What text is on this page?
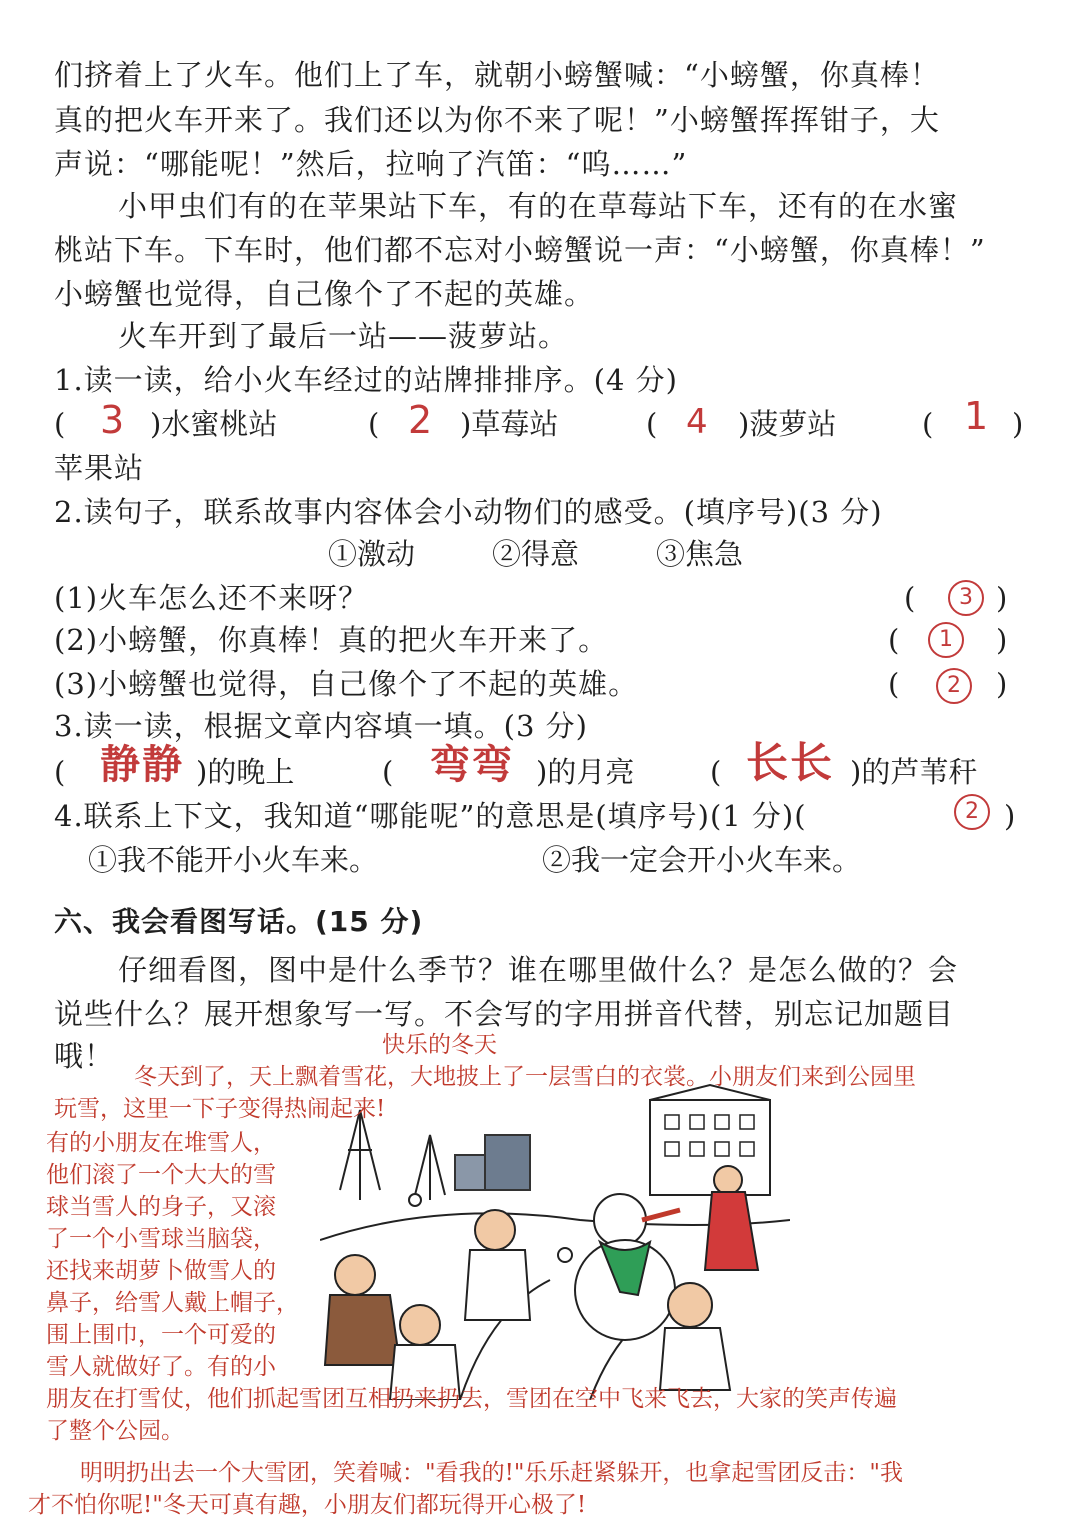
们挤着上了火车。他们上了车，就朝小螃蟹喊：“小螃蟹，你真棒！
真的把火车开来了。我们还以为你不来了呢！”小螃蟹挥挥钳子，大
声说：“哪能呢！”然后，拉响了汽笛：“呜……”
小甲虫们有的在苹果站下车，有的在草莓站下车，还有的在水蜜
桃站下车。下车时，他们都不忘对小螃蟹说一声：“小螃蟹，你真棒！”
小螃蟹也觉得，自己像个了不起的英雄。
火车开到了最后一站——菠萝站。
1.读一读，给小火车经过的站牌排排序。(4 分)
( 3 )水蜜桃站	( 2 )草莓站	( 4 )菠萝站	( 1 )
苹果站
2.读句子，联系故事内容体会小动物们的感受。(填序号)(3 分)
①激动	②得意	③焦急
(1)火车怎么还不来呀？	(	3 )
(2)小螃蟹，你真棒！真的把火车开来了。	(	1	)
(3)小螃蟹也觉得，自己像个了不起的英雄。	(	2	)
3.读一读，根据文章内容填一填。(3 分)
( 静静 )的晚上	( 弯弯 )的月亮	( 长长 )的芦苇秆
4.联系上下文，我知道“哪能呢”的意思是(填序号)(1 分)(	2 )
①我不能开小火车来。	②我一定会开小火车来。
六、我会看图写话。(15 分)
仔细看图，图中是什么季节？谁在哪里做什么？是怎么做的？会
说些什么？展开想象写一写。不会写的字用拼音代替，别忘记加题目
哦！	快乐的冬天
冬天到了，天上飘着雪花，大地披上了一层雪白的衣裳。小朋友们来到公园里
玩雪，这里一下子变得热闹起来!
有的小朋友在堆雪人，
他们滚了一个大大的雪
球当雪人的身子，又滚
了一个小雪球当脑袋，
还找来胡萝卜做雪人的
鼻子，给雪人戴上帽子，
围上围巾，一个可爱的
雪人就做好了。有的小
朋友在打雪仗，他们抓起雪团互相扔来扔去，雪团在空中飞来飞去，大家的笑声传遍
了整个公园。
明明扔出去一个大雪团，笑着喊："看我的!"乐乐赶紧躲开，也拿起雪团反击："我
才不怕你呢!"冬天可真有趣，小朋友们都玩得开心极了!
